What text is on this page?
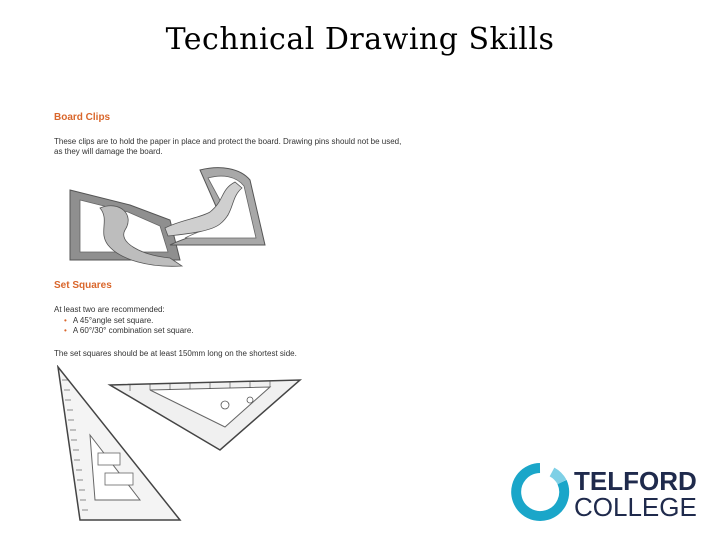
Technical Drawing Skills
Board Clips

These clips are to hold the paper in place and protect the board. Drawing pins should not be used, as they will damage the board.

Set Squares

At least two are recommended:

• A 45°angle set square.
• A 60°/30° combination set square.

The set squares should be at least 150mm long on the shortest side.

TELFORD
COLLEGE
